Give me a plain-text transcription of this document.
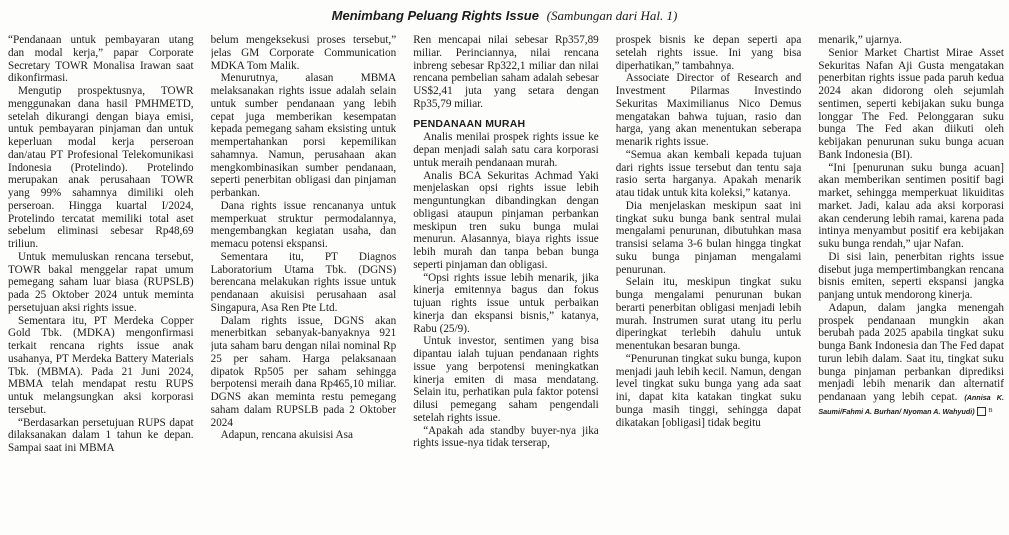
Menimbang Peluang Rights Issue (Sambungan dari Hal. 1)

“Pendanaan untuk pembayaran utang dan modal kerja,” papar Corporate Secretary TOWR Monalisa Irawan saat dikonfirmasi.

Mengutip prospektusnya, TOWR menggunakan dana hasil PMHMETD, setelah dikurangi dengan biaya emisi, untuk pembayaran pinjaman dan untuk keperluan modal kerja perseroan dan/atau PT Profesional Telekomunikasi Indonesia (Protelindo). Protelindo merupakan anak perusahaan TOWR yang 99% sahamnya dimiliki oleh perseroan. Hingga kuartal I/2024, Protelindo tercatat memiliki total aset sebelum eliminasi sebesar Rp48,69 triliun.

Untuk memuluskan rencana tersebut, TOWR bakal menggelar rapat umum pemegang saham luar biasa (RUPSLB) pada 25 Oktober 2024 untuk meminta persetujuan aksi rights issue.

Sementara itu, PT Merdeka Copper Gold Tbk. (MDKA) mengonfirmasi terkait rencana rights issue anak usahanya, PT Merdeka Battery Materials Tbk. (MBMA). Pada 21 Juni 2024, MBMA telah mendapat restu RUPS untuk melangsungkan aksi korporasi tersebut.

“Berdasarkan persetujuan RUPS dapat dilaksanakan dalam 1 tahun ke depan. Sampai saat ini MBMA

belum mengeksekusi proses tersebut,” jelas GM Corporate Communication MDKA Tom Malik.

Menurutnya, alasan MBMA melaksanakan rights issue adalah selain untuk sumber pendanaan yang lebih cepat juga memberikan kesempatan kepada pemegang saham eksisting untuk mempertahankan porsi kepemilikan sahamnya. Namun, perusahaan akan mengkombinasikan sumber pendanaan, seperti penerbitan obligasi dan pinjaman perbankan.

Dana rights issue rencananya untuk memperkuat struktur permodalannya, mengembangkan kegiatan usaha, dan memacu potensi ekspansi.

Sementara itu, PT Diagnos Laboratorium Utama Tbk. (DGNS) berencana melakukan rights issue untuk pendanaan akuisisi perusahaan asal Singapura, Asa Ren Pte Ltd.

Dalam rights issue, DGNS akan menerbitkan sebanyak-banyaknya 921 juta saham baru dengan nilai nominal Rp 25 per saham. Harga pelaksanaan dipatok Rp505 per saham sehingga berpotensi meraih dana Rp465,10 miliar. DGNS akan meminta restu pemegang saham dalam RUPSLB pada 2 Oktober 2024

Adapun, rencana akuisisi Asa

Ren mencapai nilai sebesar Rp357,89 miliar. Perinciannya, nilai rencana inbreng sebesar Rp322,1 miliar dan nilai rencana pembelian saham adalah sebesar US$2,41 juta yang setara dengan Rp35,79 miliar.

PENDANAAN MURAH

Analis menilai prospek rights issue ke depan menjadi salah satu cara korporasi untuk meraih pendanaan murah.

Analis BCA Sekuritas Achmad Yaki menjelaskan opsi rights issue lebih menguntungkan dibandingkan dengan obligasi ataupun pinjaman perbankan meskipun tren suku bunga mulai menurun. Alasannya, biaya rights issue lebih murah dan tanpa beban bunga seperti pinjaman dan obligasi.

“Opsi rights issue lebih menarik, jika kinerja emitennya bagus dan fokus tujuan rights issue untuk perbaikan kinerja dan ekspansi bisnis,” katanya, Rabu (25/9).

Untuk investor, sentimen yang bisa dipantau ialah tujuan pendanaan rights issue yang berpotensi meningkatkan kinerja emiten di masa mendatang. Selain itu, perhatikan pula faktor potensi dilusi pemegang saham pengendali setelah rights issue.

“Apakah ada standby buyer-nya jika rights issue-nya tidak terserap,

prospek bisnis ke depan seperti apa setelah rights issue. Ini yang bisa diperhatikan,” tambahnya.

Associate Director of Research and Investment Pilarmas Investindo Sekuritas Maximilianus Nico Demus mengatakan bahwa tujuan, rasio dan harga, yang akan menentukan seberapa menarik rights issue.

“Semua akan kembali kepada tujuan dari rights issue tersebut dan tentu saja rasio serta harganya. Apakah menarik atau tidak untuk kita koleksi,” katanya.

Dia menjelaskan meskipun saat ini tingkat suku bunga bank sentral mulai mengalami penurunan, dibutuhkan masa transisi selama 3-6 bulan hingga tingkat suku bunga pinjaman mengalami penurunan.

Selain itu, meskipun tingkat suku bunga mengalami penurunan bukan berarti penerbitan obligasi menjadi lebih murah. Instrumen surat utang itu perlu diperingkat terlebih dahulu untuk menentukan besaran bunga.

“Penurunan tingkat suku bunga, kupon menjadi jauh lebih kecil. Namun, dengan level tingkat suku bunga yang ada saat ini, dapat kita katakan tingkat suku bunga masih tinggi, sehingga dapat dikatakan [obligasi] tidak begitu

menarik,” ujarnya.

Senior Market Chartist Mirae Asset Sekuritas Nafan Aji Gusta mengatakan penerbitan rights issue pada paruh kedua 2024 akan didorong oleh sejumlah sentimen, seperti kebijakan suku bunga longgar The Fed. Pelonggaran suku bunga The Fed akan diikuti oleh kebijakan penurunan suku bunga acuan Bank Indonesia (BI).

“Ini [penurunan suku bunga acuan] akan memberikan sentimen positif bagi market, sehingga memperkuat likuiditas market. Jadi, kalau ada aksi korporasi akan cenderung lebih ramai, karena pada intinya menyambut positif era kebijakan suku bunga rendah,” ujar Nafan.

Di sisi lain, penerbitan rights issue disebut juga mempertimbangkan rencana bisnis emiten, seperti ekspansi jangka panjang untuk mendorong kinerja.

Adapun, dalam jangka menengah prospek pendanaan mungkin akan berubah pada 2025 apabila tingkat suku bunga Bank Indonesia dan The Fed dapat turun lebih dalam. Saat itu, tingkat suku bunga pinjaman perbankan diprediksi menjadi lebih menarik dan alternatif pendanaan yang lebih cepat. (Annisa K. Saumi/Fahmi A. Burhan/ Nyoman A. Wahyudi) B
